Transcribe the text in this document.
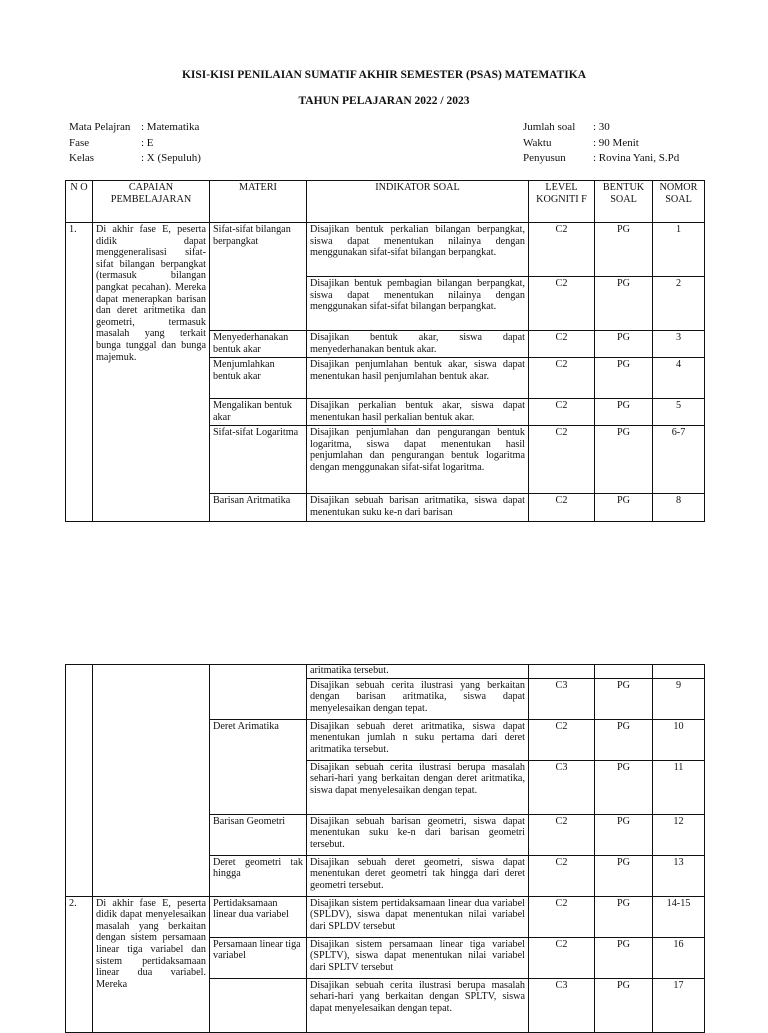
KISI-KISI PENILAIAN SUMATIF AKHIR SEMESTER (PSAS) MATEMATIKA
TAHUN PELAJARAN 2022 / 2023
Mata Pelajran : Matematika
Fase	: E
Kelas	: X (Sepuluh)
Jumlah soal	: 30
Waktu	: 90 Menit
Penyusun	: Rovina Yani, S.Pd
N O	CAPAIAN PEMBELAJARAN	MATERI	INDIKATOR SOAL	LEVEL KOGNITI F	BENTUK SOAL	NOMOR SOAL
1.	Di akhir fase E, peserta didik dapat menggeneralisasi sifat-sifat bilangan berpangkat (termasuk bilangan pangkat pecahan). Mereka dapat menerapkan barisan dan deret aritmetika dan geometri, termasuk masalah yang terkait bunga tunggal dan bunga majemuk.	Sifat-sifat bilangan berpangkat	Disajikan bentuk perkalian bilangan berpangkat, siswa dapat menentukan nilainya dengan menggunakan sifat-sifat bilangan berpangkat.	C2	PG	1
			Disajikan bentuk pembagian bilangan berpangkat, siswa dapat menentukan nilainya dengan menggunakan sifat-sifat bilangan berpangkat.	C2	PG	2
		Menyederhanakan bentuk akar	Disajikan bentuk akar, siswa dapat menyederhanakan bentuk akar.	C2	PG	3
		Menjumlahkan bentuk akar	Disajikan penjumlahan bentuk akar, siswa dapat menentukan hasil penjumlahan bentuk akar.	C2	PG	4
		Mengalikan bentuk akar	Disajikan perkalian bentuk akar, siswa dapat menentukan hasil perkalian bentuk akar.	C2	PG	5
		Sifat-sifat Logaritma	Disajikan penjumlahan dan pengurangan bentuk logaritma, siswa dapat menentukan hasil penjumlahan dan pengurangan bentuk logaritma dengan menggunakan sifat-sifat logaritma.	C2	PG	6-7
		Barisan Aritmatika	Disajikan sebuah barisan aritmatika, siswa dapat menentukan suku ke-n dari barisan	C2	PG	8
			aritmatika tersebut.			
			Disajikan sebuah cerita ilustrasi yang berkaitan dengan barisan aritmatika, siswa dapat menyelesaikan dengan tepat.	C3	PG	9
		Deret Arimatika	Disajikan sebuah deret aritmatika, siswa dapat menentukan jumlah n suku pertama dari deret aritmatika tersebut.	C2	PG	10
			Disajikan sebuah cerita ilustrasi berupa masalah sehari-hari yang berkaitan dengan deret aritmatika, siswa dapat menyelesaikan dengan tepat.	C3	PG	11
		Barisan Geometri	Disajikan sebuah barisan geometri, siswa dapat menentukan suku ke-n dari barisan geometri tersebut.	C2	PG	12
		Deret geometri tak hingga	Disajikan sebuah deret geometri, siswa dapat menentukan deret geometri tak hingga dari deret geometri tersebut.	C2	PG	13
2.	Di akhir fase E, peserta didik dapat menyelesaikan masalah yang berkaitan dengan sistem persamaan linear tiga variabel dan sistem pertidaksamaan linear dua variabel. Mereka	Pertidaksamaan linear dua variabel	Disajikan sistem pertidaksamaan linear dua variabel (SPLDV), siswa dapat menentukan nilai variabel dari SPLDV tersebut	C2	PG	14-15
		Persamaan linear tiga variabel	Disajikan sistem persamaan linear tiga variabel (SPLTV), siswa dapat menentukan nilai variabel dari SPLTV tersebut	C2	PG	16
			Disajikan sebuah cerita ilustrasi berupa masalah sehari-hari yang berkaitan dengan SPLTV, siswa dapat menyelesaikan dengan tepat.	C3	PG	17
